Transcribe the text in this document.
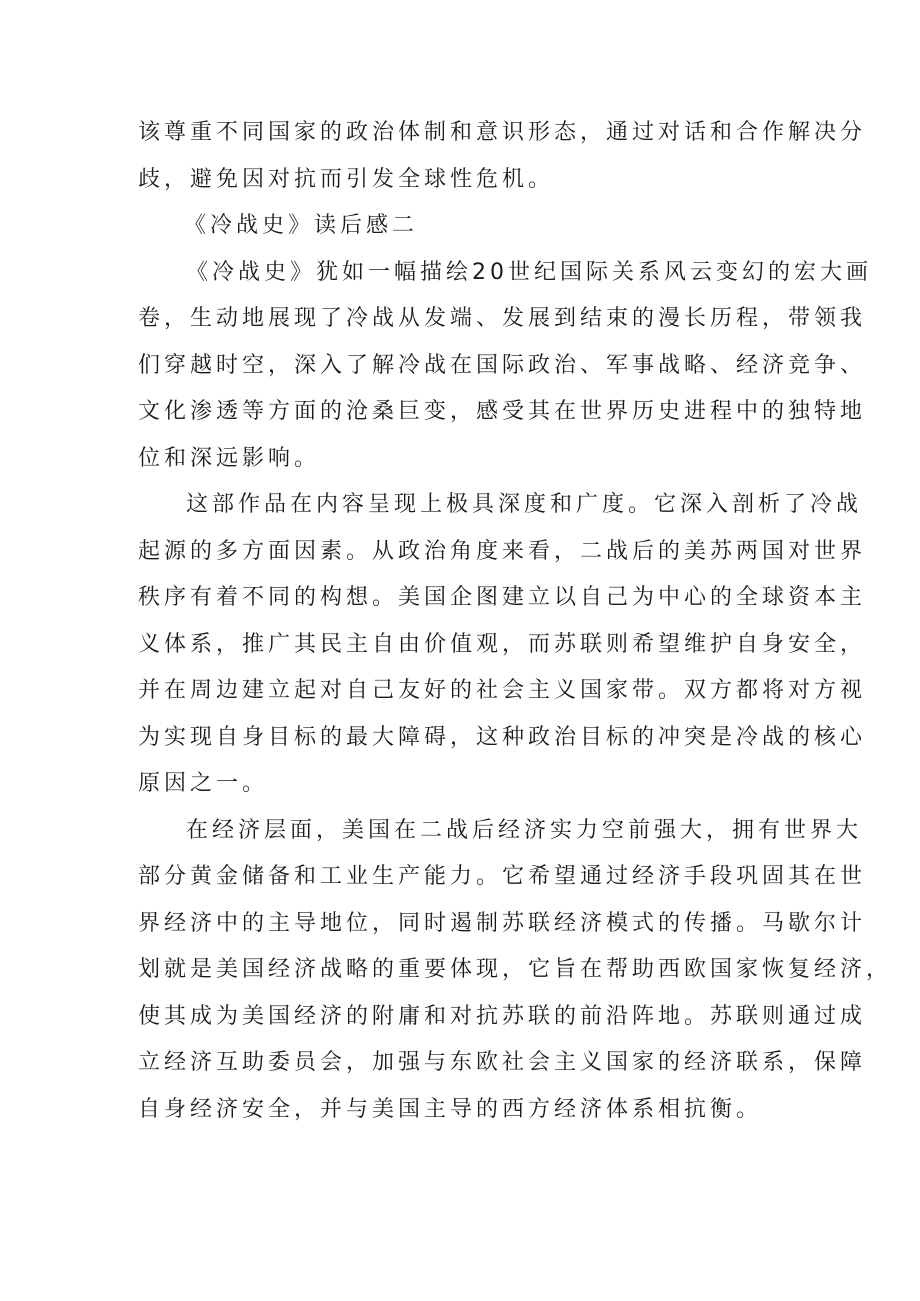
该尊重不同国家的政治体制和意识形态，通过对话和合作解决分
歧，避免因对抗而引发全球性危机。
《冷战史》读后感二
《冷战史》犹如一幅描绘20世纪国际关系风云变幻的宏大画
卷，生动地展现了冷战从发端、发展到结束的漫长历程，带领我
们穿越时空，深入了解冷战在国际政治、军事战略、经济竞争、
文化渗透等方面的沧桑巨变，感受其在世界历史进程中的独特地
位和深远影响。
这部作品在内容呈现上极具深度和广度。它深入剖析了冷战
起源的多方面因素。从政治角度来看，二战后的美苏两国对世界
秩序有着不同的构想。美国企图建立以自己为中心的全球资本主
义体系，推广其民主自由价值观，而苏联则希望维护自身安全，
并在周边建立起对自己友好的社会主义国家带。双方都将对方视
为实现自身目标的最大障碍，这种政治目标的冲突是冷战的核心
原因之一。
在经济层面，美国在二战后经济实力空前强大，拥有世界大
部分黄金储备和工业生产能力。它希望通过经济手段巩固其在世
界经济中的主导地位，同时遏制苏联经济模式的传播。马歇尔计
划就是美国经济战略的重要体现，它旨在帮助西欧国家恢复经济，
使其成为美国经济的附庸和对抗苏联的前沿阵地。苏联则通过成
立经济互助委员会，加强与东欧社会主义国家的经济联系，保障
自身经济安全，并与美国主导的西方经济体系相抗衡。
